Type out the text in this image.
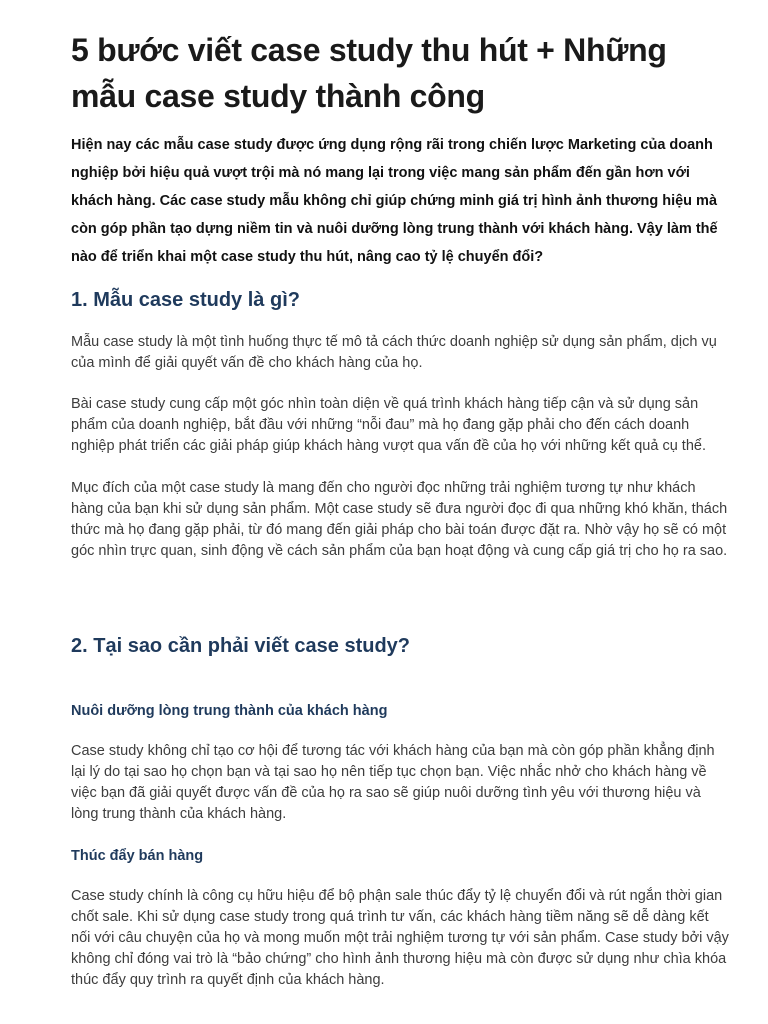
5 bước viết case study thu hút + Những mẫu case study thành công

Hiện nay các mẫu case study được ứng dụng rộng rãi trong chiến lược Marketing của doanh nghiệp bởi hiệu quả vượt trội mà nó mang lại trong việc mang sản phẩm đến gần hơn với khách hàng. Các case study mẫu không chỉ giúp chứng minh giá trị hình ảnh thương hiệu mà còn góp phần tạo dựng niềm tin và nuôi dưỡng lòng trung thành với khách hàng. Vậy làm thế nào để triển khai một case study thu hút, nâng cao tỷ lệ chuyển đổi?

1. Mẫu case study là gì?

Mẫu case study là một tình huống thực tế mô tả cách thức doanh nghiệp sử dụng sản phẩm, dịch vụ của mình để giải quyết vấn đề cho khách hàng của họ.

Bài case study cung cấp một góc nhìn toàn diện về quá trình khách hàng tiếp cận và sử dụng sản phẩm của doanh nghiệp, bắt đầu với những “nỗi đau” mà họ đang gặp phải cho đến cách doanh nghiệp phát triển các giải pháp giúp khách hàng vượt qua vấn đề của họ với những kết quả cụ thể.

Mục đích của một case study là mang đến cho người đọc những trải nghiệm tương tự như khách hàng của bạn khi sử dụng sản phẩm. Một case study sẽ đưa người đọc đi qua những khó khăn, thách thức mà họ đang gặp phải, từ đó mang đến giải pháp cho bài toán được đặt ra. Nhờ vậy họ sẽ có một góc nhìn trực quan, sinh động về cách sản phẩm của bạn hoạt động và cung cấp giá trị cho họ ra sao.

2. Tại sao cần phải viết case study?
Nuôi dưỡng lòng trung thành của khách hàng

Case study không chỉ tạo cơ hội để tương tác với khách hàng của bạn mà còn góp phần khẳng định lại lý do tại sao họ chọn bạn và tại sao họ nên tiếp tục chọn bạn. Việc nhắc nhở cho khách hàng về việc bạn đã giải quyết được vấn đề của họ ra sao sẽ giúp nuôi dưỡng tình yêu với thương hiệu và lòng trung thành của khách hàng.

Thúc đẩy bán hàng

Case study chính là công cụ hữu hiệu để bộ phận sale thúc đẩy tỷ lệ chuyển đổi và rút ngắn thời gian chốt sale. Khi sử dụng case study trong quá trình tư vấn, các khách hàng tiềm năng sẽ dễ dàng kết nối với câu chuyện của họ và mong muốn một trải nghiệm tương tự với sản phẩm. Case study bởi vậy không chỉ đóng vai trò là “bảo chứng” cho hình ảnh thương hiệu mà còn được sử dụng như chìa khóa thúc đẩy quy trình ra quyết định của khách hàng.
